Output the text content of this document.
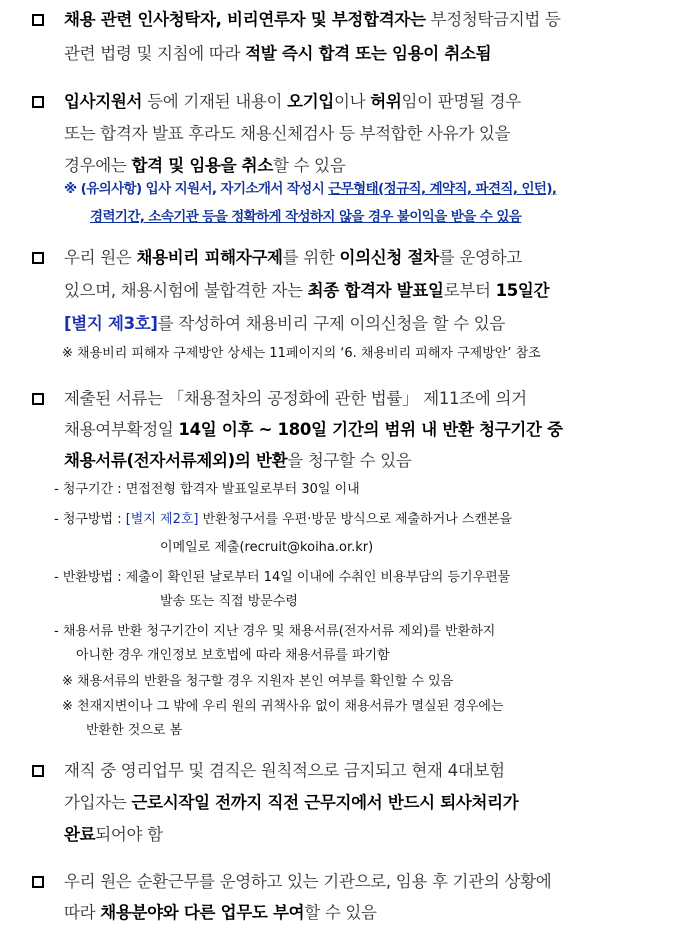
채용 관련 인사청탁자, 비리연루자 및 부정합격자는 부정청탁금지법 등
관련 법령 및 지침에 따라 적발 즉시 합격 또는 임용이 취소됨
입사지원서 등에 기재된 내용이 오기입이나 허위임이 판명될 경우
또는 합격자 발표 후라도 채용신체검사 등 부적합한 사유가 있을
경우에는 합격 및 임용을 취소할 수 있음
※ (유의사항) 입사 지원서, 자기소개서 작성시 근무형태(정규직, 계약직, 파견직, 인턴),
경력기간, 소속기관 등을 정확하게 작성하지 않을 경우 불이익을 받을 수 있음
우리 원은 채용비리 피해자구제를 위한 이의신청 절차를 운영하고
있으며, 채용시험에 불합격한 자는 최종 합격자 발표일로부터 15일간
[별지 제3호]를 작성하여 채용비리 구제 이의신청을 할 수 있음
※ 채용비리 피해자 구제방안 상세는 11페이지의 ‘6. 채용비리 피해자 구제방안’ 참조
제출된 서류는 「채용절차의 공정화에 관한 법률」 제11조에 의거
채용여부확정일 14일 이후 ~ 180일 기간의 범위 내 반환 청구기간 중
채용서류(전자서류제외)의 반환을 청구할 수 있음
- 청구기간 : 면접전형 합격자 발표일로부터 30일 이내
- 청구방법 : [별지 제2호] 반환청구서를 우편·방문 방식으로 제출하거나 스캔본을
이메일로 제출(recruit@koiha.or.kr)
- 반환방법 : 제출이 확인된 날로부터 14일 이내에 수취인 비용부담의 등기우편물
발송 또는 직접 방문수령
- 채용서류 반환 청구기간이 지난 경우 및 채용서류(전자서류 제외)를 반환하지
아니한 경우 개인정보 보호법에 따라 채용서류를 파기함
※ 채용서류의 반환을 청구할 경우 지원자 본인 여부를 확인할 수 있음
※ 천재지변이나 그 밖에 우리 원의 귀책사유 없이 채용서류가 멸실된 경우에는
반환한 것으로 봄
재직 중 영리업무 및 겸직은 원칙적으로 금지되고 현재 4대보험
가입자는 근로시작일 전까지 직전 근무지에서 반드시 퇴사처리가
완료되어야 함
우리 원은 순환근무를 운영하고 있는 기관으로, 임용 후 기관의 상황에
따라 채용분야와 다른 업무도 부여할 수 있음
